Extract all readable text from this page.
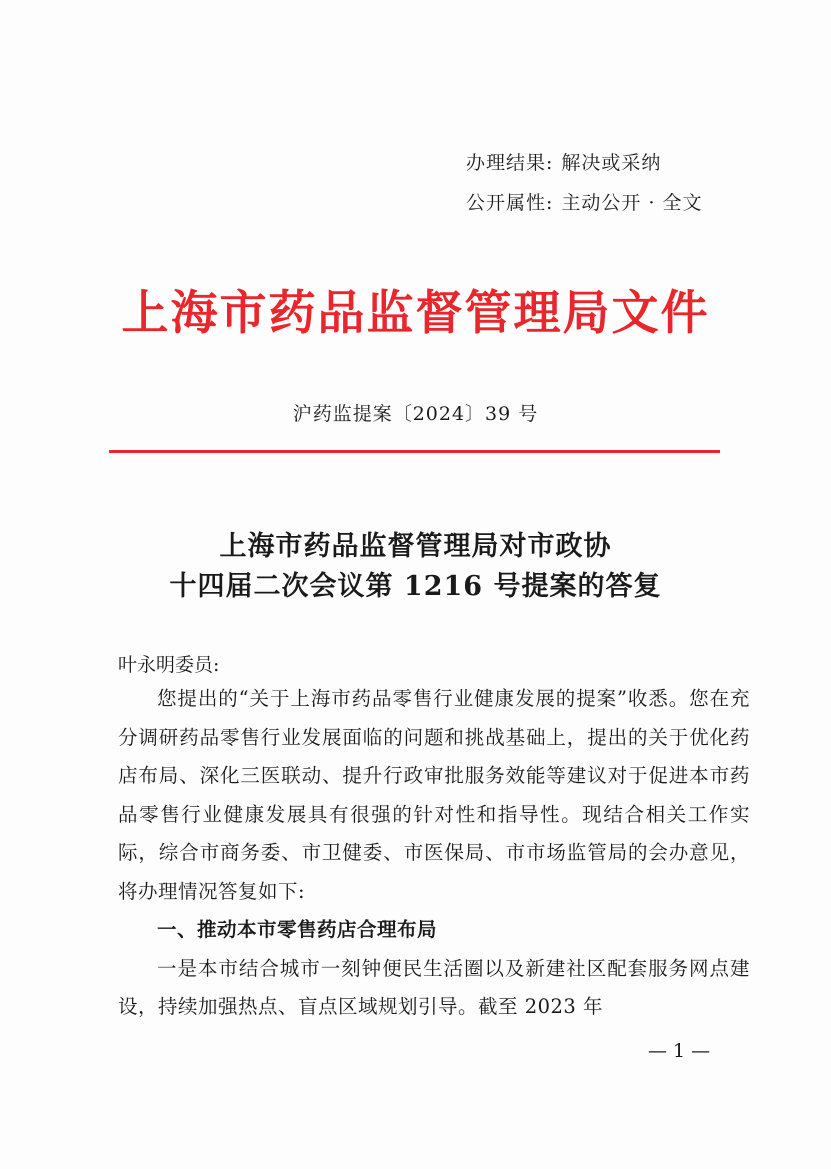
办理结果: 解决或采纳
公开属性: 主动公开 · 全文
上海市药品监督管理局文件
沪药监提案〔2024〕39 号
上海市药品监督管理局对市政协
十四届二次会议第 1216 号提案的答复
叶永明委员:

您提出的“关于上海市药品零售行业健康发展的提案”收悉。您在充分调研药品零售行业发展面临的问题和挑战基础上，提出的关于优化药店布局、深化三医联动、提升行政审批服务效能等建议对于促进本市药品零售行业健康发展具有很强的针对性和指导性。现结合相关工作实际，综合市商务委、市卫健委、市医保局、市市场监管局的会办意见，将办理情况答复如下:

一、推动本市零售药店合理布局

一是本市结合城市一刻钟便民生活圈以及新建社区配套服务网点建设，持续加强热点、盲点区域规划引导。截至 2023 年

— 1 —
